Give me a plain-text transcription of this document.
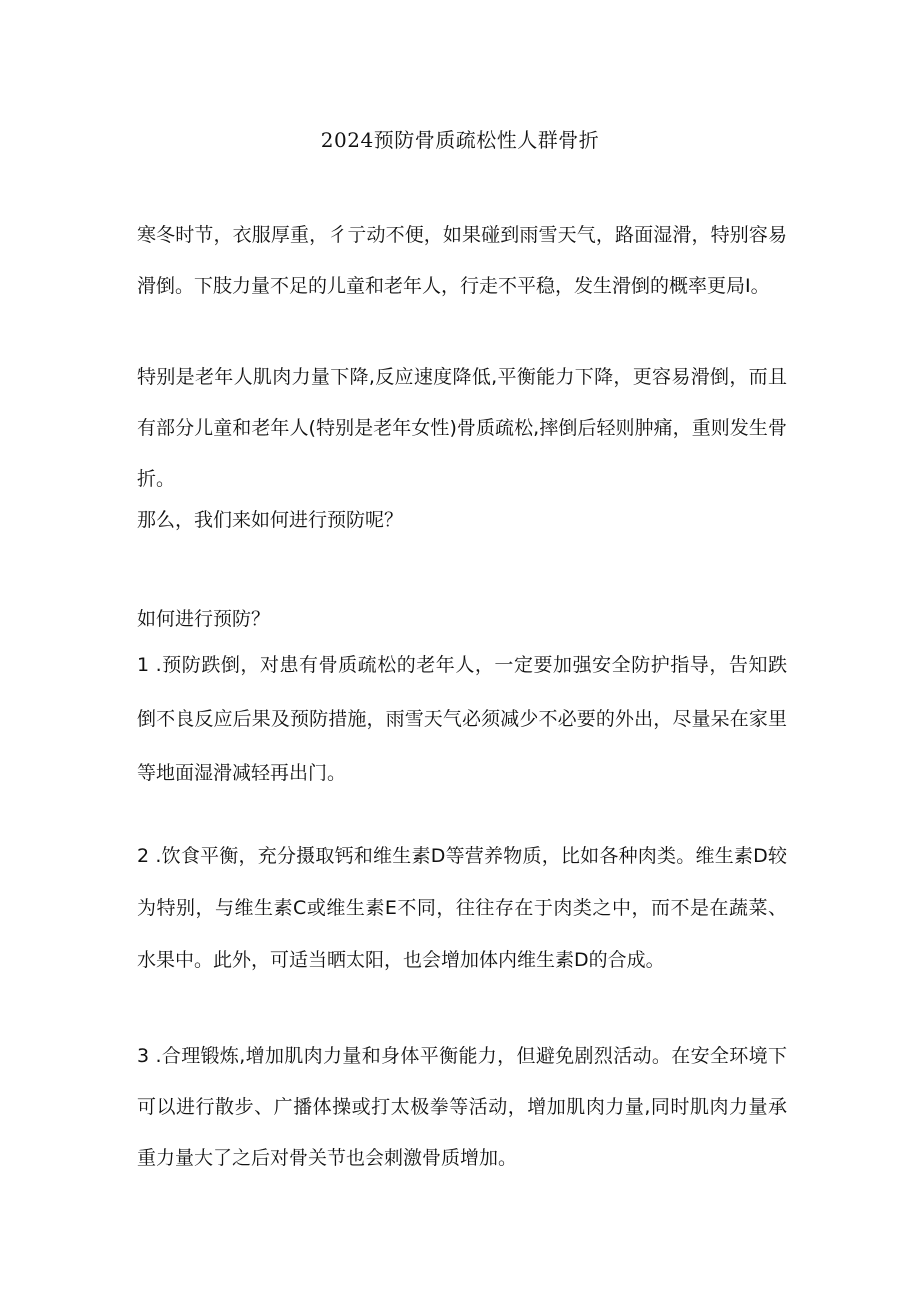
2024预防骨质疏松性人群骨折

寒冬时节，衣服厚重，彳亍动不便，如果碰到雨雪天气，路面湿滑，特别容易滑倒。下肢力量不足的儿童和老年人，行走不平稳，发生滑倒的概率更局I。

特别是老年人肌肉力量下降,反应速度降低,平衡能力下降，更容易滑倒，而且有部分儿童和老年人(特别是老年女性)骨质疏松,摔倒后轻则肿痛，重则发生骨折。

那么，我们来如何进行预防呢？

如何进行预防？

1 .预防跌倒，对患有骨质疏松的老年人，一定要加强安全防护指导，告知跌倒不良反应后果及预防措施，雨雪天气必须减少不必要的外出，尽量呆在家里等地面湿滑减轻再出门。

2 .饮食平衡，充分摄取钙和维生素D等营养物质，比如各种肉类。维生素D较为特别，与维生素C或维生素E不同，往往存在于肉类之中，而不是在蔬菜、水果中。此外，可适当晒太阳，也会增加体内维生素D的合成。

3 .合理锻炼,增加肌肉力量和身体平衡能力，但避免剧烈活动。在安全环境下可以进行散步、广播体操或打太极拳等活动，增加肌肉力量,同时肌肉力量承重力量大了之后对骨关节也会刺激骨质增加。
